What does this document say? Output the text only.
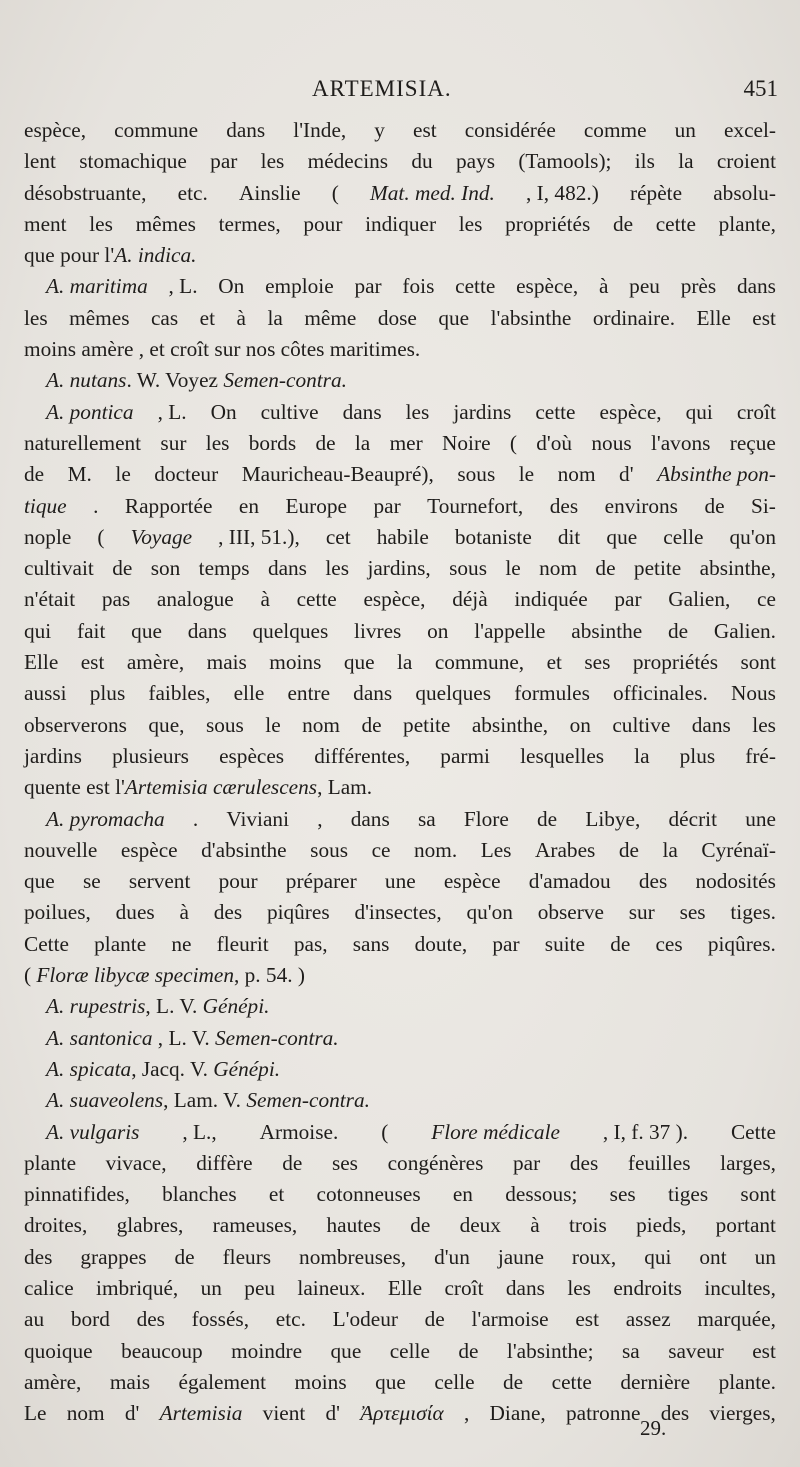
ARTEMISIA.	451
espèce, commune dans l'Inde, y est considérée comme un excel-
lent stomachique par les médecins du pays (Tamools); ils la croient
désobstruante, etc. Ainslie ( Mat. med. Ind. , I, 482.) répète absolu-
ment les mêmes termes, pour indiquer les propriétés de cette plante,
que pour l'A. indica.
A. maritima , L. On emploie par fois cette espèce, à peu près dans
les mêmes cas et à la même dose que l'absinthe ordinaire. Elle est
moins amère , et croît sur nos côtes maritimes.
A. nutans. W. Voyez Semen-contra.
A. pontica , L. On cultive dans les jardins cette espèce, qui croît
naturellement sur les bords de la mer Noire ( d'où nous l'avons reçue
de M. le docteur Mauricheau-Beaupré), sous le nom d' Absinthe pon-
tique . Rapportée en Europe par Tournefort, des environs de Si-
nople ( Voyage , III, 51.), cet habile botaniste dit que celle qu'on
cultivait de son temps dans les jardins, sous le nom de petite absinthe,
n'était pas analogue à cette espèce, déjà indiquée par Galien, ce
qui fait que dans quelques livres on l'appelle absinthe de Galien.
Elle est amère, mais moins que la commune, et ses propriétés sont
aussi plus faibles, elle entre dans quelques formules officinales. Nous
observerons que, sous le nom de petite absinthe, on cultive dans les
jardins plusieurs espèces différentes, parmi lesquelles la plus fré-
quente est l'Artemisia cærulescens, Lam.
A. pyromacha . Viviani , dans sa Flore de Libye, décrit une
nouvelle espèce d'absinthe sous ce nom. Les Arabes de la Cyrénaï-
que se servent pour préparer une espèce d'amadou des nodosités
poilues, dues à des piqûres d'insectes, qu'on observe sur ses tiges.
Cette plante ne fleurit pas, sans doute, par suite de ces piqûres.
( Floræ libycæ specimen, p. 54. )
A. rupestris, L. V. Génépi.
A. santonica , L. V. Semen-contra.
A. spicata, Jacq. V. Génépi.
A. suaveolens, Lam. V. Semen-contra.
A. vulgaris , L., Armoise. ( Flore médicale , I, f. 37 ). Cette
plante vivace, diffère de ses congénères par des feuilles larges,
pinnatifides, blanches et cotonneuses en dessous; ses tiges sont
droites, glabres, rameuses, hautes de deux à trois pieds, portant
des grappes de fleurs nombreuses, d'un jaune roux, qui ont un
calice imbriqué, un peu laineux. Elle croît dans les endroits incultes,
au bord des fossés, etc. L'odeur de l'armoise est assez marquée,
quoique beaucoup moindre que celle de l'absinthe; sa saveur est
amère, mais également moins que celle de cette dernière plante.
Le nom d' Artemisia vient d' Ἀρτεμισία , Diane, patronne des vierges,
29.
